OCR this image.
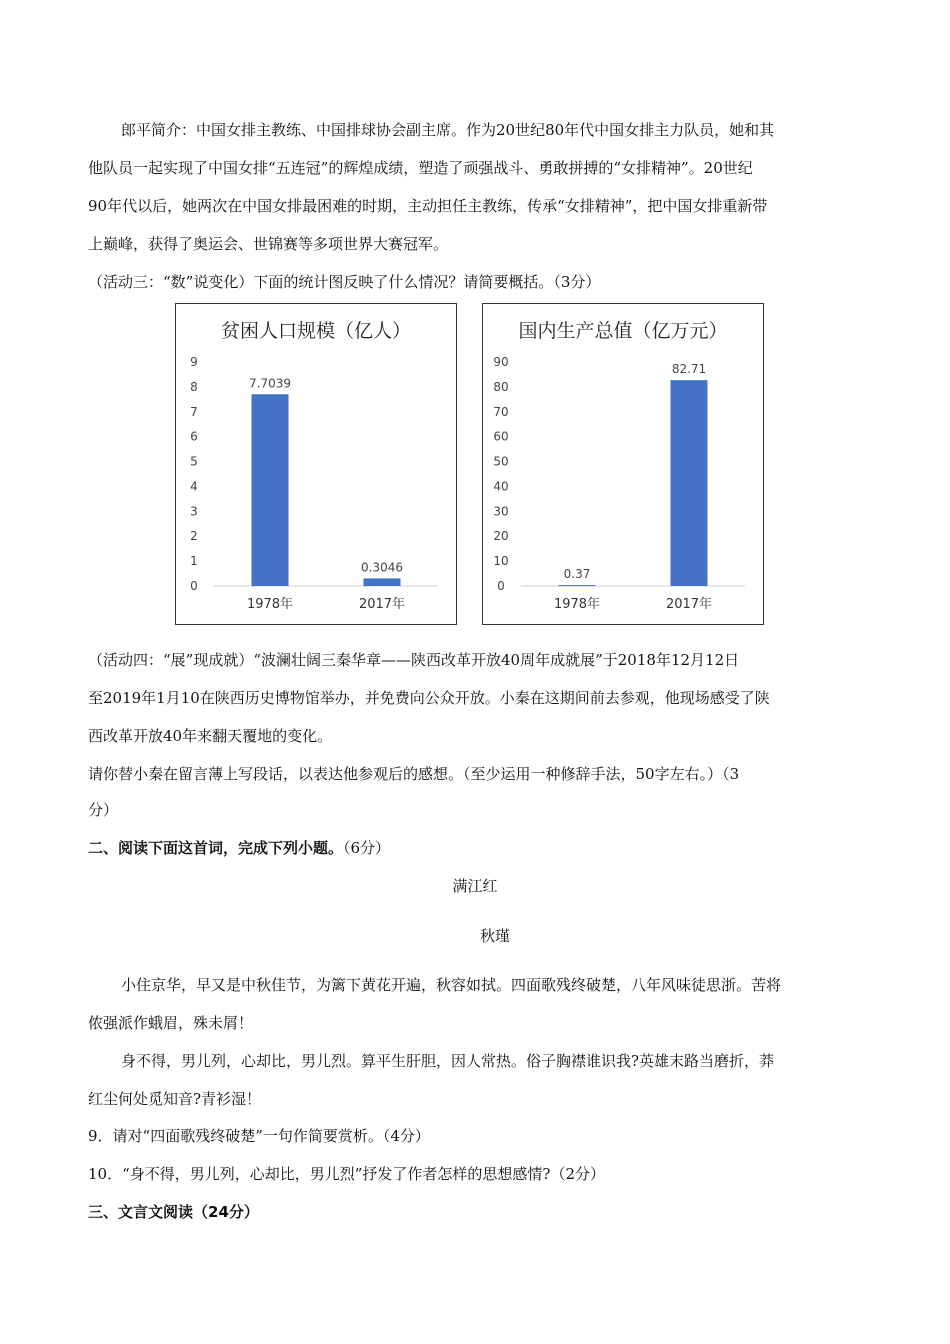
郎平简介：中国女排主教练、中国排球协会副主席。作为20世纪80年代中国女排主力队员，她和其
他队员一起实现了中国女排“五连冠”的辉煌成绩，塑造了顽强战斗、勇敢拼搏的“女排精神”。20世纪
90年代以后，她两次在中国女排最困难的时期，主动担任主教练，传承“女排精神”，把中国女排重新带
上巅峰，获得了奥运会、世锦赛等多项世界大赛冠军。
（活动三：“数”说变化）下面的统计图反映了什么情况？请简要概括。（3分）
贫困人口规模（亿人）
0
1
2
3
4
5
6
7
8
9
7.7039
1978年
0.3046
2017年
国内生产总值（亿万元）
0
10
20
30
40
50
60
70
80
90
0.37
1978年
82.71
2017年
（活动四：“展”现成就）“波澜壮阔三秦华章——陕西改革开放40周年成就展”于2018年12月12日
至2019年1月10在陕西历史博物馆举办，并免费向公众开放。小秦在这期间前去参观，他现场感受了陕
西改革开放40年来翻天覆地的变化。
请你替小秦在留言薄上写段话，以表达他参观后的感想。（至少运用一种修辞手法，50字左右。）（3
分）
二、阅读下面这首词，完成下列小题。（6分）
满江红
秋瑾
小住京华，早又是中秋佳节，为篱下黄花开遍，秋容如拭。四面歌残终破楚，八年风味徒思浙。苦将
侬强派作蛾眉，殊未屑！
身不得，男儿列，心却比，男儿烈。算平生肝胆，因人常热。俗子胸襟谁识我?英雄末路当磨折，莽
红尘何处觅知音?青衫湿！
9．请对“四面歌残终破楚”一句作简要赏析。（4分）
10．“身不得，男儿列，心却比，男儿烈”抒发了作者怎样的思想感情?（2分）
三、文言文阅读（24分）
